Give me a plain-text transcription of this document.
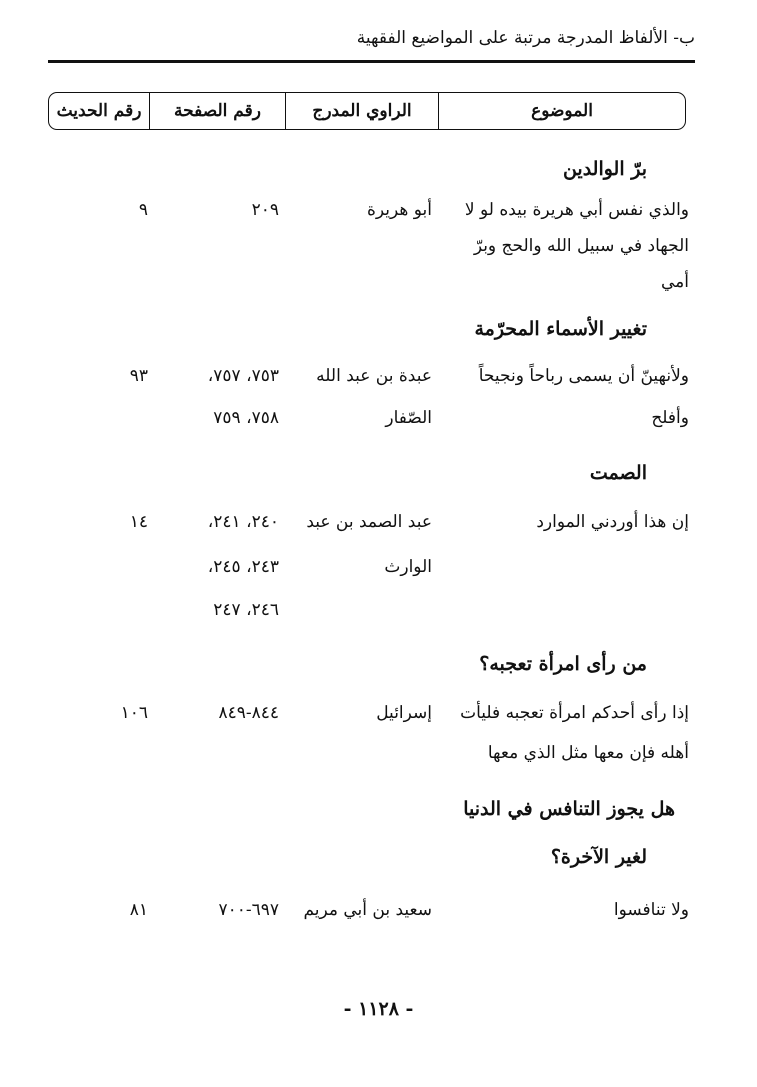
ب- الألفاظ المدرجة مرتبة على المواضيع الفقهية
الموضوع
الراوي المدرج
رقم الصفحة
رقم الحديث
برّ الوالدين
والذي نفس أبي هريرة بيده لو لا
الجهاد في سبيل الله والحج وبرّ
أمي
أبو هريرة
٢٠٩
٩
تغيير الأسماء المحرّمة
ولأنهينّ أن يسمى رباحاً ونجيحاً
وأفلح
عبدة بن عبد الله
الصّفار
٧٥٣، ٧٥٧،
٧٥٨، ٧٥٩
٩٣
الصمت
إن هذا أوردني الموارد
عبد الصمد بن عبد
الوارث
٢٤٠، ٢٤١،
٢٤٣، ٢٤٥،
٢٤٦، ٢٤٧
١٤
من رأى امرأة تعجبه؟
إذا رأى أحدكم امرأة تعجبه فليأت
أهله فإن معها مثل الذي معها
إسرائيل
٨٤٤-٨٤٩
١٠٦
هل يجوز التنافس في الدنيا
لغير الآخرة؟
ولا تنافسوا
سعيد بن أبي مريم
٦٩٧-٧٠٠
٨١
- ١١٢٨ -
